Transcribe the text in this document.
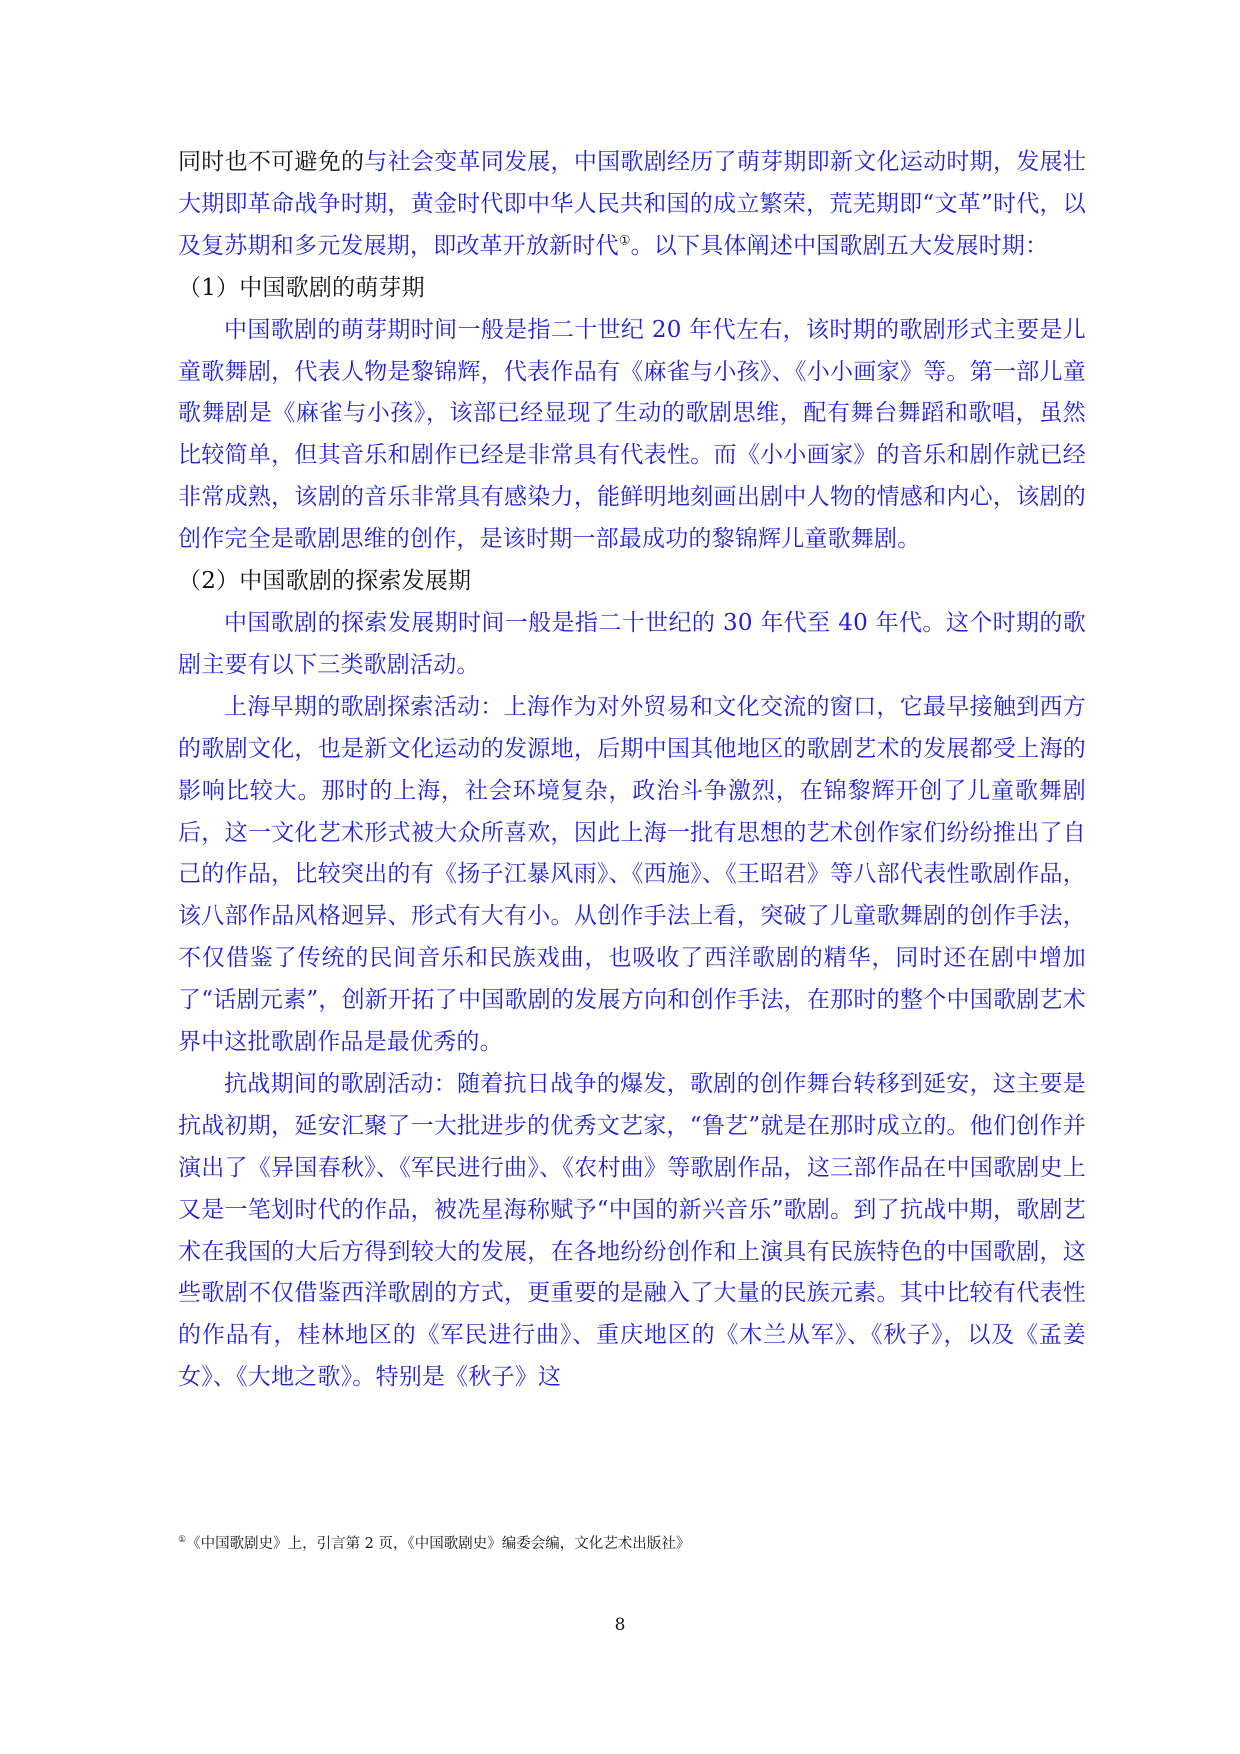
同时也不可避免的与社会变革同发展，中国歌剧经历了萌芽期即新文化运动时期，发展壮大期即革命战争时期，黄金时代即中华人民共和国的成立繁荣，荒芜期即“文革”时代，以及复苏期和多元发展期，即改革开放新时代①。以下具体阐述中国歌剧五大发展时期：

（1）中国歌剧的萌芽期

中国歌剧的萌芽期时间一般是指二十世纪 20 年代左右，该时期的歌剧形式主要是儿童歌舞剧，代表人物是黎锦辉，代表作品有《麻雀与小孩》、《小小画家》等。第一部儿童歌舞剧是《麻雀与小孩》，该部已经显现了生动的歌剧思维，配有舞台舞蹈和歌唱，虽然比较简单，但其音乐和剧作已经是非常具有代表性。而《小小画家》的音乐和剧作就已经非常成熟，该剧的音乐非常具有感染力，能鲜明地刻画出剧中人物的情感和内心，该剧的创作完全是歌剧思维的创作，是该时期一部最成功的黎锦辉儿童歌舞剧。

（2）中国歌剧的探索发展期

中国歌剧的探索发展期时间一般是指二十世纪的 30 年代至 40 年代。这个时期的歌剧主要有以下三类歌剧活动。

上海早期的歌剧探索活动：上海作为对外贸易和文化交流的窗口，它最早接触到西方的歌剧文化，也是新文化运动的发源地，后期中国其他地区的歌剧艺术的发展都受上海的影响比较大。那时的上海，社会环境复杂，政治斗争激烈，在锦黎辉开创了儿童歌舞剧后，这一文化艺术形式被大众所喜欢，因此上海一批有思想的艺术创作家们纷纷推出了自己的作品，比较突出的有《扬子江暴风雨》、《西施》、《王昭君》等八部代表性歌剧作品，该八部作品风格迥异、形式有大有小。从创作手法上看，突破了儿童歌舞剧的创作手法，不仅借鉴了传统的民间音乐和民族戏曲，也吸收了西洋歌剧的精华，同时还在剧中增加了“话剧元素”，创新开拓了中国歌剧的发展方向和创作手法，在那时的整个中国歌剧艺术界中这批歌剧作品是最优秀的。

抗战期间的歌剧活动：随着抗日战争的爆发，歌剧的创作舞台转移到延安，这主要是抗战初期，延安汇聚了一大批进步的优秀文艺家，“鲁艺”就是在那时成立的。他们创作并演出了《异国春秋》、《军民进行曲》、《农村曲》等歌剧作品，这三部作品在中国歌剧史上又是一笔划时代的作品，被冼星海称赋予“中国的新兴音乐”歌剧。到了抗战中期，歌剧艺术在我国的大后方得到较大的发展，在各地纷纷创作和上演具有民族特色的中国歌剧，这些歌剧不仅借鉴西洋歌剧的方式，更重要的是融入了大量的民族元素。其中比较有代表性的作品有，桂林地区的《军民进行曲》、重庆地区的《木兰从军》、《秋子》，以及《孟姜女》、《大地之歌》。特别是《秋子》这

①《中国歌剧史》上，引言第 2 页，《中国歌剧史》编委会编，文化艺术出版社》
8
